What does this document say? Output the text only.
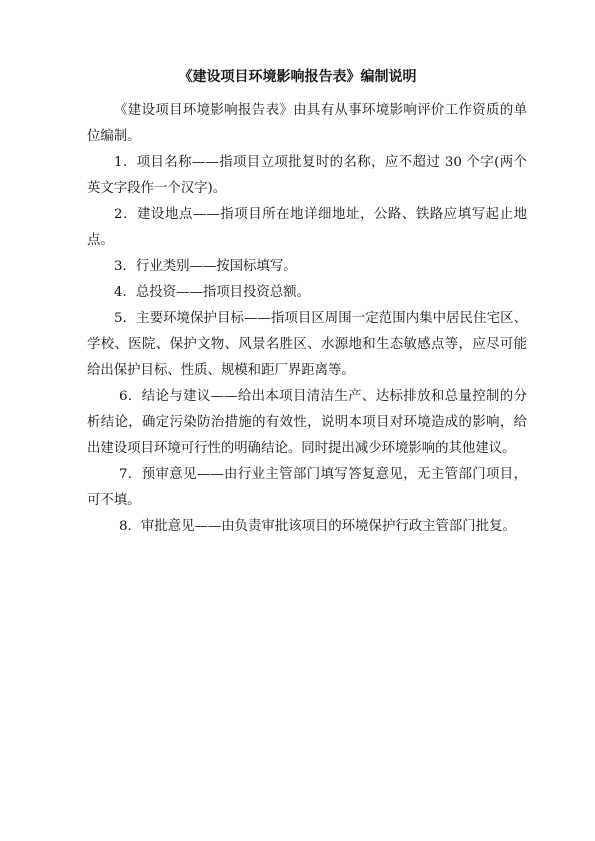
《建设项目环境影响报告表》编制说明

《建设项目环境影响报告表》由具有从事环境影响评价工作资质的单位编制。

1．项目名称——指项目立项批复时的名称，应不超过 30 个字(两个英文字段作一个汉字)。

2．建设地点——指项目所在地详细地址，公路、铁路应填写起止地点。

3．行业类别——按国标填写。

4．总投资——指项目投资总额。

5．主要环境保护目标——指项目区周围一定范围内集中居民住宅区、学校、医院、保护文物、风景名胜区、水源地和生态敏感点等，应尽可能给出保护目标、性质、规模和距厂界距离等。

6．结论与建议——给出本项目清洁生产、达标排放和总量控制的分析结论，确定污染防治措施的有效性，说明本项目对环境造成的影响，给出建设项目环境可行性的明确结论。同时提出减少环境影响的其他建议。

7．预审意见——由行业主管部门填写答复意见，无主管部门项目，可不填。

8．审批意见——由负责审批该项目的环境保护行政主管部门批复。
